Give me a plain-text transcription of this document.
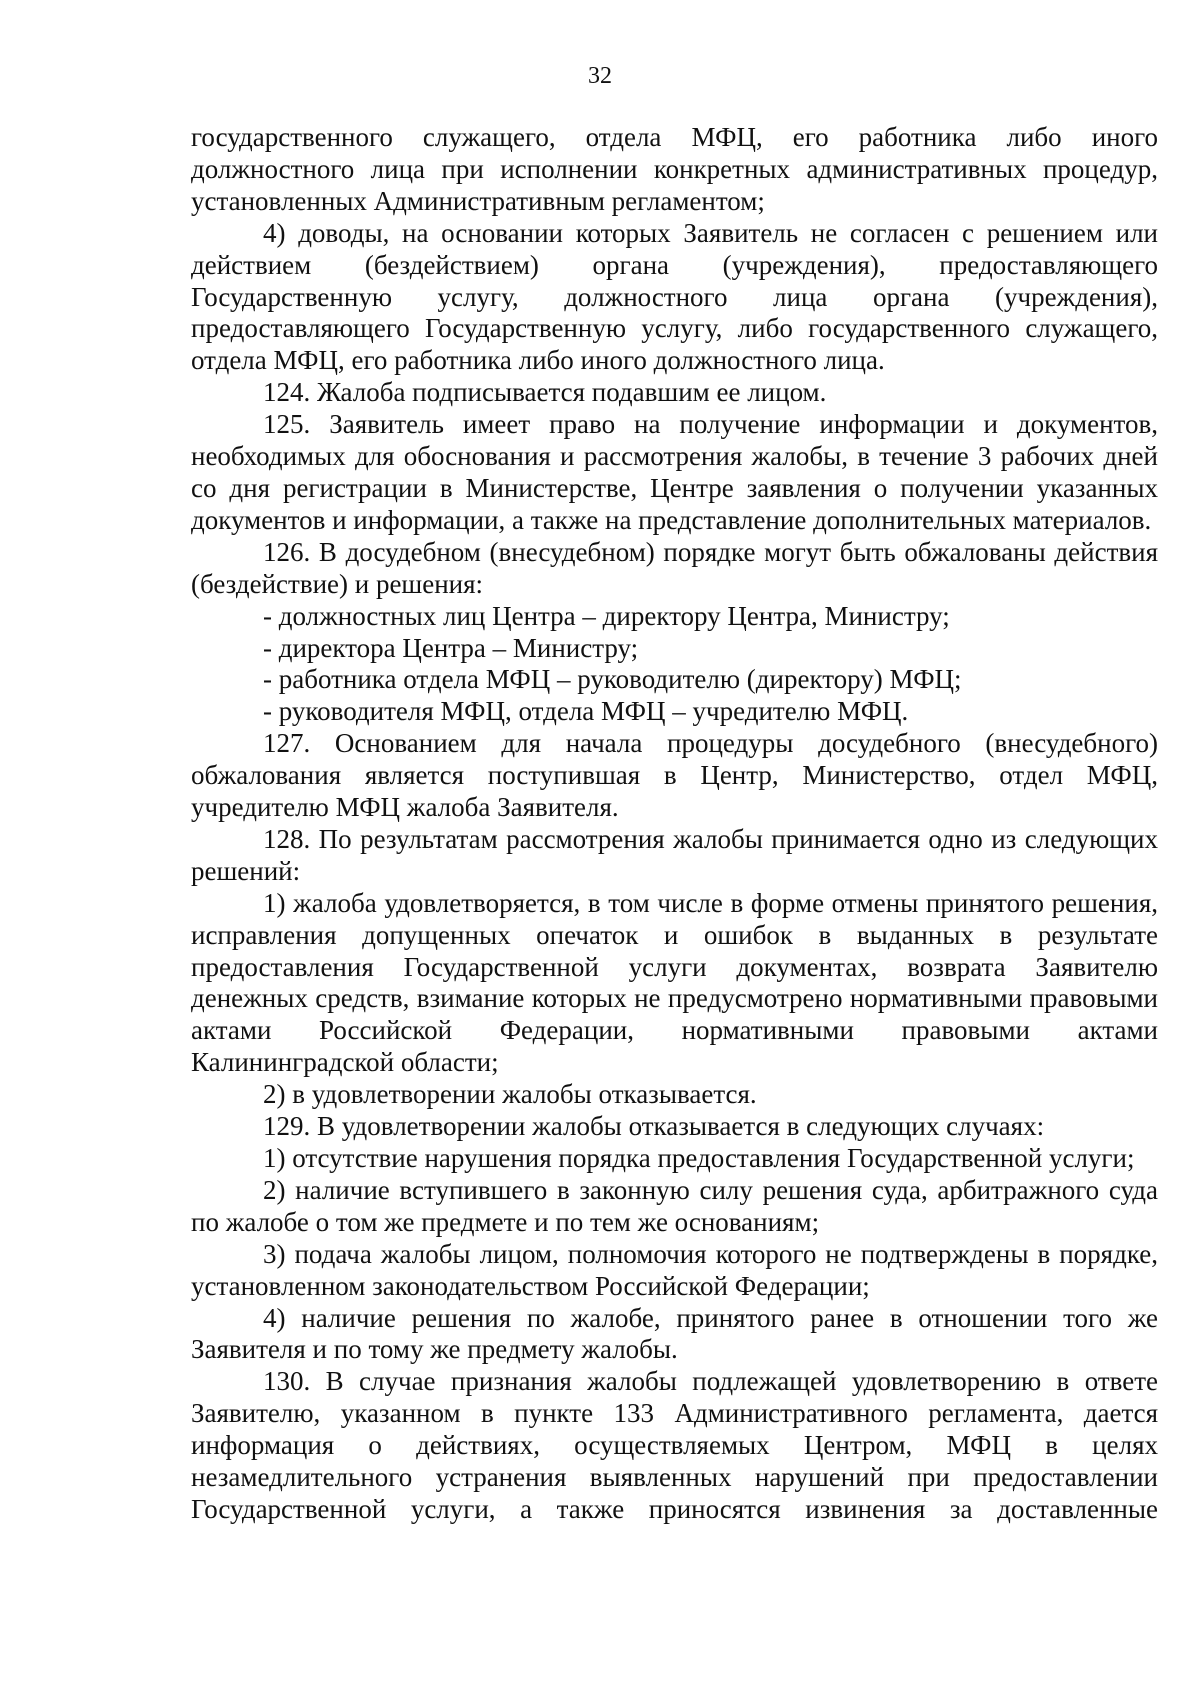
32

государственного служащего, отдела МФЦ, его работника либо иного должностного лица при исполнении конкретных административных процедур, установленных Административным регламентом;

4) доводы, на основании которых Заявитель не согласен с решением или действием (бездействием) органа (учреждения), предоставляющего Государственную услугу, должностного лица органа (учреждения), предоставляющего Государственную услугу, либо государственного служащего, отдела МФЦ, его работника либо иного должностного лица.

124. Жалоба подписывается подавшим ее лицом.

125. Заявитель имеет право на получение информации и документов, необходимых для обоснования и рассмотрения жалобы, в течение 3 рабочих дней со дня регистрации в Министерстве, Центре заявления о получении указанных документов и информации, а также на представление дополнительных материалов.

126. В досудебном (внесудебном) порядке могут быть обжалованы действия (бездействие) и решения:

- должностных лиц Центра – директору Центра, Министру;

- директора Центра – Министру;

- работника отдела МФЦ – руководителю (директору) МФЦ;

- руководителя МФЦ, отдела МФЦ – учредителю МФЦ.

127. Основанием для начала процедуры досудебного (внесудебного) обжалования является поступившая в Центр, Министерство, отдел МФЦ, учредителю МФЦ жалоба Заявителя.

128. По результатам рассмотрения жалобы принимается одно из следующих решений:

1) жалоба удовлетворяется, в том числе в форме отмены принятого решения, исправления допущенных опечаток и ошибок в выданных в результате предоставления Государственной услуги документах, возврата Заявителю денежных средств, взимание которых не предусмотрено нормативными правовыми актами Российской Федерации, нормативными правовыми актами Калининградской области;

2) в удовлетворении жалобы отказывается.

129. В удовлетворении жалобы отказывается в следующих случаях:

1) отсутствие нарушения порядка предоставления Государственной услуги;

2) наличие вступившего в законную силу решения суда, арбитражного суда по жалобе о том же предмете и по тем же основаниям;

3) подача жалобы лицом, полномочия которого не подтверждены в порядке, установленном законодательством Российской Федерации;

4) наличие решения по жалобе, принятого ранее в отношении того же Заявителя и по тому же предмету жалобы.

130. В случае признания жалобы подлежащей удовлетворению в ответе Заявителю, указанном в пункте 133 Административного регламента, дается информация о действиях, осуществляемых Центром, МФЦ в целях незамедлительного устранения выявленных нарушений при предоставлении Государственной услуги, а также приносятся извинения за доставленные
